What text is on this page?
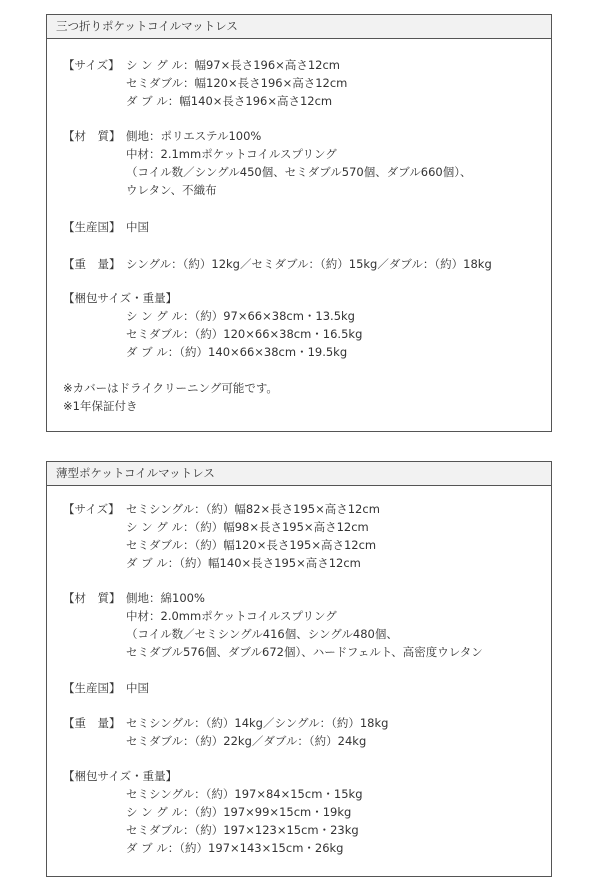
三つ折りポケットコイルマットレス
【サイズ】 シ ン グ ル：幅97×長さ196×高さ12cm
セミダブル：幅120×長さ196×高さ12cm
ダ ブ ル：幅140×長さ196×高さ12cm
【材　質】 側地：ポリエステル100%
中材：2.1mmポケットコイルスプリング
（コイル数／シングル450個、セミダブル570個、ダブル660個）、
ウレタン、不織布
【生産国】 中国
【重　量】 シングル：（約）12kg／セミダブル：（約）15kg／ダブル：（約）18kg
【梱包サイズ・重量】
シ ン グ ル：（約）97×66×38cm・13.5kg
セミダブル：（約）120×66×38cm・16.5kg
ダ ブ ル：（約）140×66×38cm・19.5kg
※カバーはドライクリーニング可能です。
※1年保証付き
薄型ポケットコイルマットレス
【サイズ】 セミシングル：（約）幅82×長さ195×高さ12cm
シ ン グ ル：（約）幅98×長さ195×高さ12cm
セミダブル：（約）幅120×長さ195×高さ12cm
ダ ブ ル：（約）幅140×長さ195×高さ12cm
【材　質】 側地：綿100%
中材：2.0mmポケットコイルスプリング
（コイル数／セミシングル416個、シングル480個、
セミダブル576個、ダブル672個）、ハードフェルト、高密度ウレタン
【生産国】 中国
【重　量】 セミシングル：（約）14kg／シングル：（約）18kg
セミダブル：（約）22kg／ダブル：（約）24kg
【梱包サイズ・重量】
セミシングル：（約）197×84×15cm・15kg
シ ン グ ル：（約）197×99×15cm・19kg
セミダブル：（約）197×123×15cm・23kg
ダ ブ ル：（約）197×143×15cm・26kg
